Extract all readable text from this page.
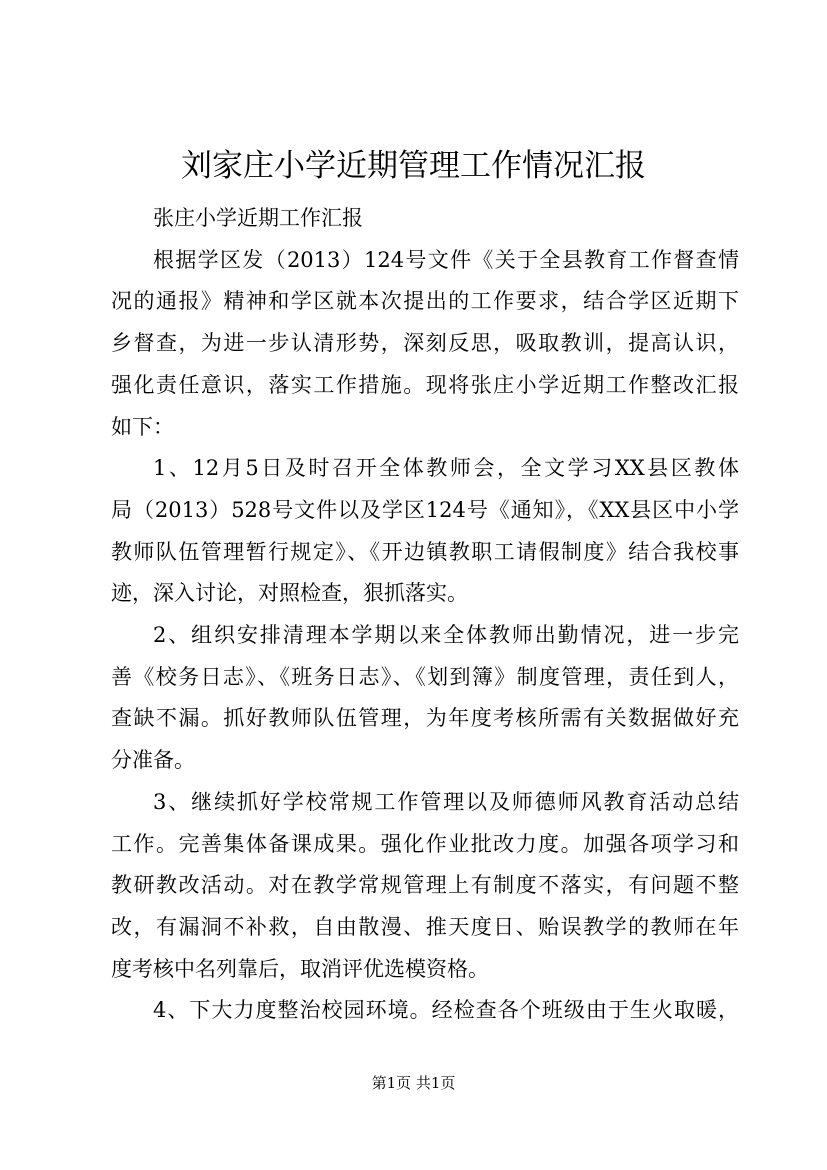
刘家庄小学近期管理工作情况汇报
张庄小学近期工作汇报
根据学区发（2013）124号文件《关于全县教育工作督查情
况的通报》精神和学区就本次提出的工作要求，结合学区近期下
乡督查，为进一步认清形势，深刻反思，吸取教训，提高认识，
强化责任意识，落实工作措施。现将张庄小学近期工作整改汇报
如下：
1、12月5日及时召开全体教师会，全文学习XX县区教体
局（2013）528号文件以及学区124号《通知》，《XX县区中小学
教师队伍管理暂行规定》、《开边镇教职工请假制度》结合我校事
迹，深入讨论，对照检查，狠抓落实。
2、组织安排清理本学期以来全体教师出勤情况，进一步完
善《校务日志》、《班务日志》、《划到簿》制度管理，责任到人，
查缺不漏。抓好教师队伍管理，为年度考核所需有关数据做好充
分准备。
3、继续抓好学校常规工作管理以及师德师风教育活动总结
工作。完善集体备课成果。强化作业批改力度。加强各项学习和
教研教改活动。对在教学常规管理上有制度不落实，有问题不整
改，有漏洞不补救，自由散漫、推天度日、贻误教学的教师在年
度考核中名列靠后，取消评优选模资格。
4、下大力度整治校园环境。经检查各个班级由于生火取暖，
第1页 共1页
